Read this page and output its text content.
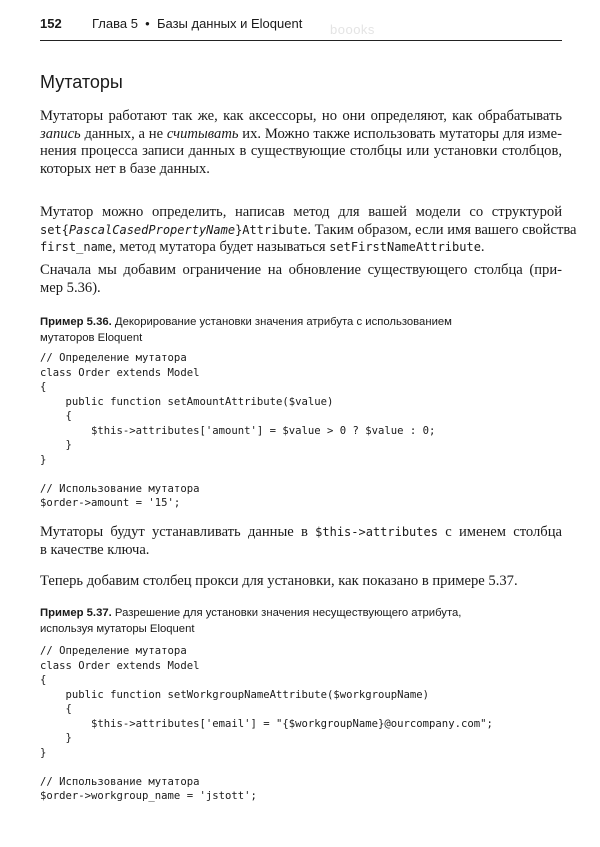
152 Глава 5  •  Базы данных и Eloquent boooks
Мутаторы
Мутаторы работают так же, как аксессоры, но они определяют, как обрабатывать
запись данных, а не считывать их. Можно также использовать мутаторы для изме-
нения процесса записи данных в существующие столбцы или установки столбцов,
которых нет в базе данных.
Мутатор можно определить, написав метод для вашей модели со структурой
set{PascalCasedPropertyName}Attribute. Таким образом, если имя вашего свойства
first_name, метод мутатора будет называться setFirstNameAttribute.
Сначала мы добавим ограничение на обновление существующего столбца (при-
мер 5.36).
Пример 5.36. Декорирование установки значения атрибута с использованием
мутаторов Eloquent
// Определение мутатора
class Order extends Model
{
public function setAmountAttribute($value)
{
$this->attributes['amount'] = $value > 0 ? $value : 0;
}
}

// Использование мутатора
$order->amount = '15';
Мутаторы будут устанавливать данные в $this->attributes с именем столбца
в качестве ключа.
Теперь добавим столбец прокси для установки, как показано в примере 5.37.
Пример 5.37. Разрешение для установки значения несуществующего атрибута,
используя мутаторы Eloquent
// Определение мутатора
class Order extends Model
{
public function setWorkgroupNameAttribute($workgroupName)
{
$this->attributes['email'] = "{$workgroupName}@ourcompany.com";
}
}

// Использование мутатора
$order->workgroup_name = 'jstott';
